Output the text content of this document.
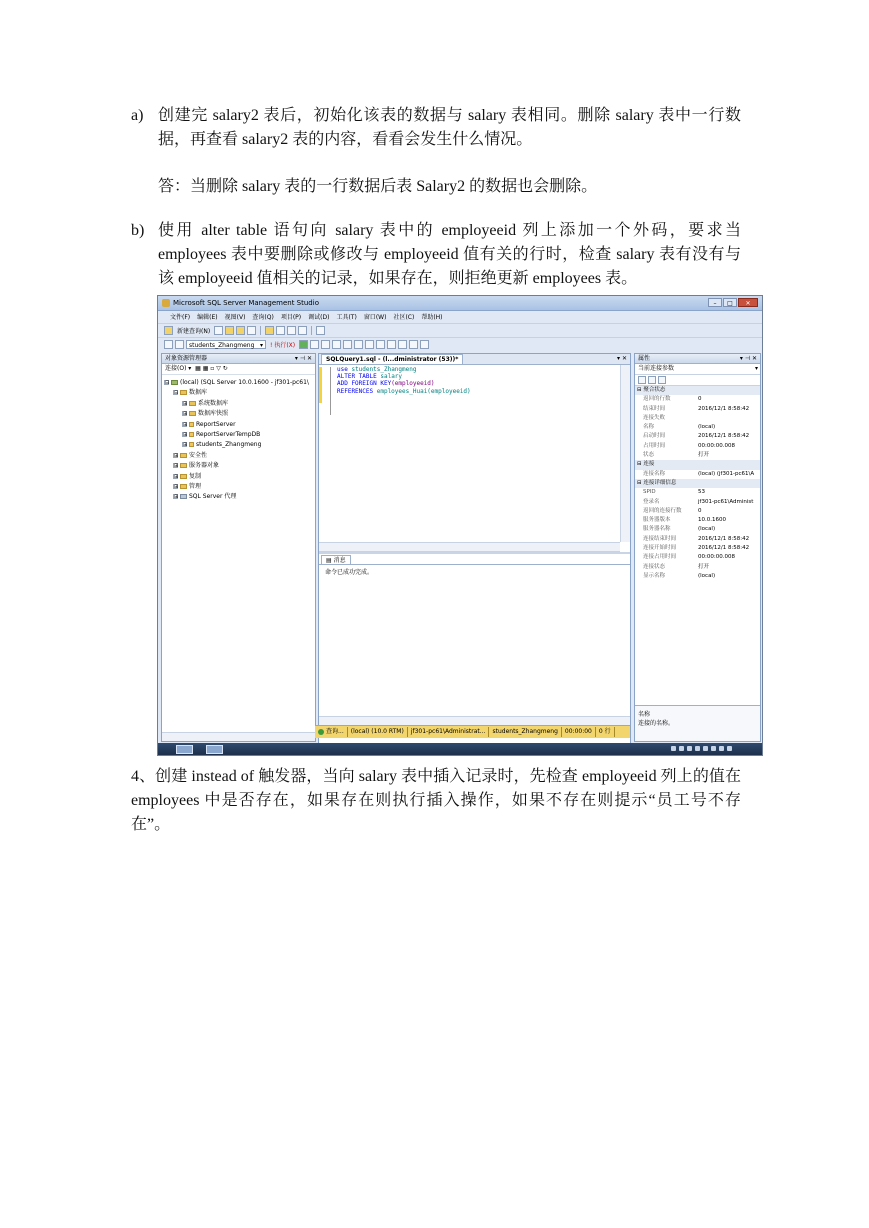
a) 创建完 salary2 表后，初始化该表的数据与 salary 表相同。删除 salary 表中一行数据，再查看 salary2 表的内容，看看会发生什么情况。
答：当删除 salary 表的一行数据后表 Salary2 的数据也会删除。
b) 使用 alter table 语句向 salary 表中的 employeeid 列上添加一个外码，要求当 employees 表中要删除或修改与 employeeid 值有关的行时，检查 salary 表有没有与该 employeeid 值相关的记录，如果存在，则拒绝更新 employees 表。
Microsoft SQL Server Management Studio	–	□	✕
文件(F) 编辑(E) 视图(V) 查询(Q) 项目(P) 调试(D) 工具(T) 窗口(W) 社区(C) 帮助(H)
新建查询(N)
students_Zhangmeng ▾ ! 执行(X)
对象资源管理器	▾ ⊣ ✕
连接(O) ▾  ▦ ▦ ▫ ▽ ↻
⊟ (local) (SQL Server 10.0.1600 - jf301-pc61\
⊟ 数据库
⊞ 系统数据库
⊞ 数据库快照
⊞ ReportServer
⊞ ReportServerTempDB
⊞ students_Zhangmeng
⊞ 安全性
⊞ 服务器对象
⊞ 复制
⊞ 管理
⊞ SQL Server 代理
SQLQuery1.sql - (l...dministrator (53))*	▾ ✕
use students_Zhangmeng
ALTER TABLE salary
ADD FOREIGN KEY(employeeid)
REFERENCES employees_Huai(employeeid)
▤ 消息
命令已成功完成。
查询...	(local) (10.0 RTM)	jf301-pc61\Administrat...	students_Zhangmeng	00:00:00	0 行
属性	▾ ⊣ ✕
当前连接参数	▾
⊟ 聚合状态
返回的行数	0
结束时间	2016/12/1 8:58:42
连接失败
名称	(local)
启动时间	2016/12/1 8:58:42
占用时间	00:00:00.008
状态	打开
⊟ 连接
连接名称	(local) (jf301-pc61\A
⊟ 连接详细信息
SPID	53
登录名	jf301-pc61\Administ
返回的连接行数	0
服务器版本	10.0.1600
服务器名称	(local)
连接结束时间	2016/12/1 8:58:42
连接开始时间	2016/12/1 8:58:42
连接占用时间	00:00:00.008
连接状态	打开
显示名称	(local)
名称
连接的名称。
4、创建 instead of 触发器，当向 salary 表中插入记录时，先检查 employeeid 列上的值在 employees 中是否存在，如果存在则执行插入操作，如果不存在则提示“员工号不存在”。
